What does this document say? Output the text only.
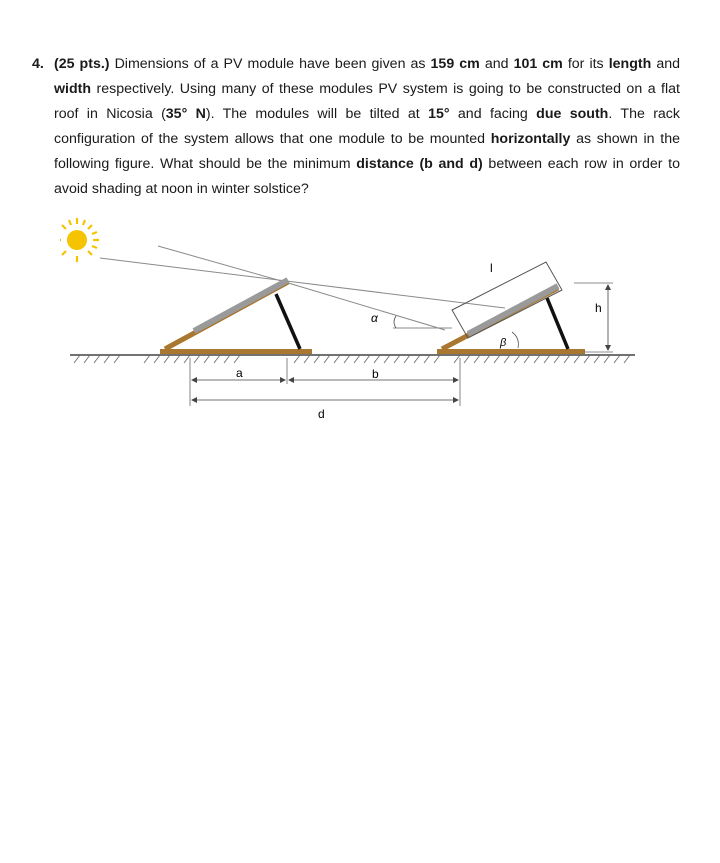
4. (25 pts.) Dimensions of a PV module have been given as 159 cm and 101 cm for its length and width respectively. Using many of these modules PV system is going to be constructed on a flat roof in Nicosia (35° N). The modules will be tilted at 15° and facing due south. The rack configuration of the system allows that one module to be mounted horizontally as shown in the following figure. What should be the minimum distance (b and d) between each row in order to avoid shading at noon in winter solstice?
h
l
α
β
a	b
d
